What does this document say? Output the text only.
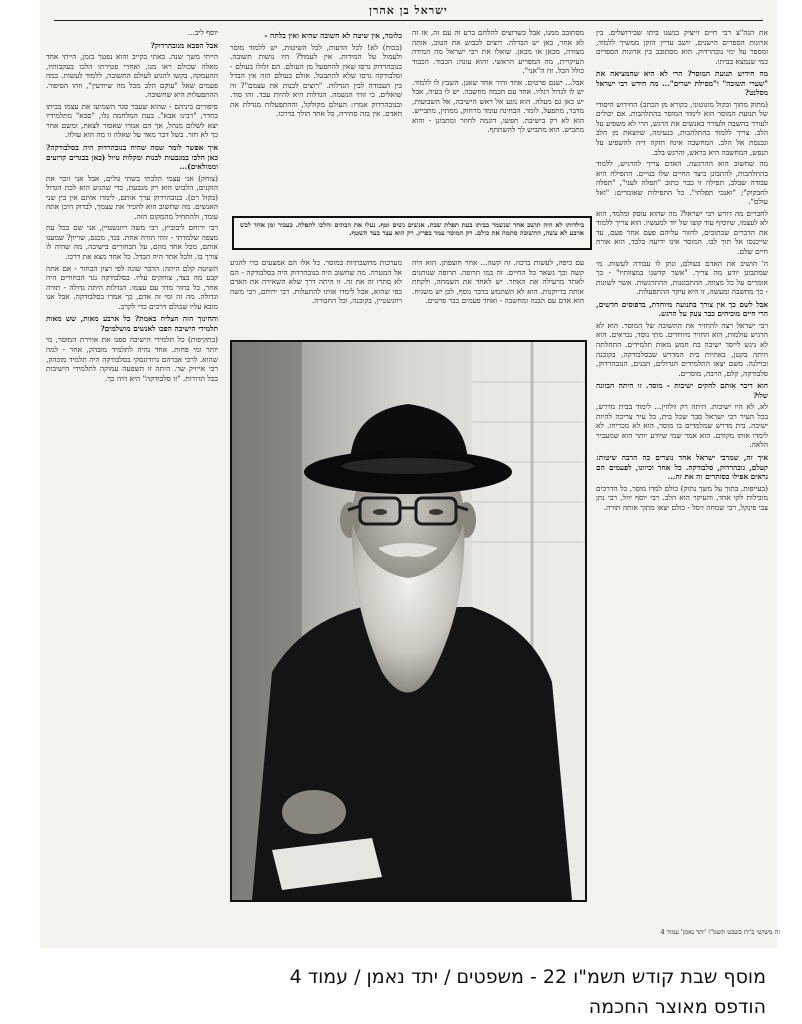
ישראל בן אהרן

את הגה"צ רבי חיים זייציק בגשנו ביתו שבירושלים. בין ארונות הספרים הישנים, יושב עדיין הזקן ממשיך ללמוד, ומספר על ימי נובהרדוק. הוא מסתובב בין ארונות הספרים כמי שנמצא בביתו.

מה חידוש תנועת המוסר? הרי לא היא שהמציאה את "שערי תשובה" ו"מסילת ישרים"... מה חידש רבי ישראל מסלנט?

(מתוק מתוך ובקול מונוטוני, כקורא מן הכתב) החידוש היסודי של תנועת המוסר הוא לימוד המוסר בהתלהבות. אם יכולים לעורר בהשבה ולעורר באנשים את הרגש, הרי לא משפיע על הלב. צריך ללמוד בהתלהבות, בנעימה, שיוצאת מן הלב ונכנסת אל הלב. המחשבה אינה חזקה דיה להשפיע על הנפש, המחשבה היא בראש, והרגש בלב.

מה שחשוב הוא ההרגשה. האדם צריך להרגיש, ללמוד בהתלהבות, להתבונן כיצד החיים שלו בנויים. התפילה היא עבודה שבלב, תפילה זו כבר כתוב "תפלה לעני", "תפלה לחבקוק"; "ואנכי תפלתי". כל התפילות שאומרים: "ואל עולם".

לחברים מה דורש רבי ישראל? מה שהוא עוסק ומלמד, הוא לא לעצמו, שיוסיף עוד קוצו של יוד למעשיו. הוא צריך ללמוד את הדברים שכתובים, לחזור עליהם פעם אחר פעם, עד שייכנסו אל תוך לבו. המוסר אינו ידיעה בלבד, הוא אורח חיים שלם.

ה' הושיב את האדם בעולם, ונתן לו עבודה לעשות. מי שמתבונן יודע מה צריך. "אשר קדשנו במצוותיו" - כך אומרים על כל מצווה. ההתבוננות, ההתרגשות. אשר לשונות - כך מחשבה ומעשה, זו היא עיקר ההתפעלות.

אבל לשם כך אין צורך בתנועה מיוחדת, בדפוסים חדשים, הרי חיים מוכיחים כבר צעק על הרגש.

רבי ישראל רצה להחזיר את התשובה של המוסר. הוא לא הרגיש עולמות, הוא החזיר מיוחדים. מתי נוסד, נבראים. הוא לא ניגש לייסד ישיבה בת חמש מאות תלמידים. התחלתה היתה בקטן, באתיות בית המדרש שבסלבודקה, בקובנה ובוילנה. משם יצאו התלמידים הגדולים, הבנים, הנובהרדוק, סלבודקה, קלם, הרבה, מוסרים.

הוא דיבר אותם להקים ישיבות - מוסד. זו היתה הכוונה שלו?

לא, לא היו ישיבות. היתה רק וולוזין... לימוד בבית מדרש, בכל העיר רבי ישראל סבר שכל בית, כל עיר צריכה להיות ישיבה. בית מדרש שמלמדים בו מוסר, הוא לא מכריחו. לא לימדו אותו מקודם. הוא אמר שמי שיודע יותר הוא שמעביר הלאה.

איך זה, שמרבי ישראל אחד נוצרים כה הרבה שיטות: קעלם, נובהרדוק, סלבודקה. כל אחד וכיוונו, לפעמים הם נראים אפילו כסותרים זה את זה...

(בעייפות, בתוך על משך נתוק) כולם למדו מוסר, כל הדרכים מובילות לקו אחד, והעיקר הוא הלב. רבי יוסף יוזל, רבי נתן צבי פינקל, רבי שמחה זיסל - כולם יצאו מתוך אותה תורה.

מסתובב ממנו, אבל כשרוצים להלחם ברע זה עם זה, אז זה לא אחר, כאן יש הבדלה. רוצים לכבוש את הטוב, אותה מצודה, מכאן או מכאן. שואלו את רבי ישראל מה המידה העיקרית, מה המפריע הראשי. והוא עונה: הכבוד. הכבוד כולל הכל. זה ה"אני".

אבל... ישנם פרטים. אחד זהיר אחד שאנן. השבץ לו ללמוד. יש לו לגדול רגליו. אחד עם חכמה מחשבה. יש לו בעיה, אבל יש כאן גם מעלה. הוא נוגע אל ראש הישיבה, אל השבועות, מדבר, מתפעל, לומד. הבחינה עומד מרחוק, ממתין, מתבייש. הוא לא רק בישיבה. חפשו, דוגמה לחוזר ומתבונן - והוא מתביש. הוא מתביש לך להשתתף.

כלומר, אין שיטה לא חשובה שהיא ואין בלתה -

(בכוח) לא! לכל הדעות, לכל השיטות, יש ללמוד מוסר ולעמול על המידות. אין לעמול? היו נושות תשובה. בנובהרדוק גרסו שאין להתפעל מן העולם. הם זלזלו בעולם - וסלבודקה גרסו שלא להתבטל. אולם בעולם הזה אין הבדל בין העבודה לבין הגדלות. "רוצים לבנות את עצמם"? זה שואלים. כי זוהי הנשמה. הגדלות היא להיות עבד. זהו סוד. ובנובהרדוק אמרו: העולם מקולקל, וההתפעלות מגדלת את האדם. אין בזה סתירה, כל אחד הולך בדרכו.

יוסף ליב...

אבל הסבא מנובהרדוק?

הייתי משך שנה. באתי בקייב והוא נפטר בזמן, הייתי אחד מאלה שכולם ראו מנו, ואחרי פטירתו הלכו בעקבותיו, ההעמקה, בקשו להגיע לעולם התשובה, ללמוד לעשות. כמה פעמים שאל "עוקם הלב מכל מה שיודעין", וזהו הסיפור. ההתפעלות היא שחשובה.

סיפורים ביניהם - שהוא שעבר סגר השמיעו את עצמו בביתו בחדר, "רבינו אבא". בעת המלחמה גלו, "סבא" מתלמידיו יצא לשלום מנהל, אך הם אמרו שאסור לצאת, ומשם אחר כך לא חזר. בשל דבר מאד על שאלה זו מה הוא עולה.

איך אפשר לומר שמה שהיה בנובהרדוק היה בסלבודקה? כאן הלכו במגבעות לבנות ומקלות טיול (כאן בבגדים קרועים וממולאים)...

(צוחק) אני עצמי הלכתי בשתי גולים, אבל אני זוכר את הזקנים, הלבוש הוא רק מגבעת, כדי שהגיע הוא לכת הגדול (בקול רם). בנובהרדוק ערך אותם, לימדו אותם אין בין שני האנשים. מה שחשוב הוא להכיר את עצמך, לבדוק היכן אתה עומד, ולהתחיל מהמקום הזה.

רבי ירוחם ליבוביץ, רבי משה רוזנשטיין, אני שם בכל עת מצפה שלמדתי - זוהי תורה אחת. בגד, מכנס, שריון? שמענו אותם, מכל אחד מהם, על הבחורים בישיבה, מה שהיה לו צורך בו. ולכל אחד היה הבדל. כל אחד מצא את דרכו.

השיטה קלם היתה: הדבר שונה לפי רצון הבחור - אם אתה קבע מה בצד, צוחקים עליו. בסלבודקה נגד הבחורים היה אחר, כל בחור מדד עם עצמו. הגדלות היתה גדולה - תורה וגדולה. מה זה ומי זה אדם, כך אמרו בסלבודקה. אבל אנו מובא עליו שכולם דרכים כדי לקרב.

והחינוך הזה הצליח באמת? כל ארבע מאות, שש מאות תלמידי הישיבה הפכו לאנשים מושלמים?

(בתקיפות) כל תלמידי הישיבה ספגו את אווירת המוסר, מי יותר ומי פחות. אחד נהיה לתלמיד מובהק, אחר - למה שהוא. לרבי אברהם גרודזנסקי בסלבודקה היה תלמיד מובהק, רבי אייזיק שר. היתה זו השפעה עמוקה לתלמידי הישיבות בכל הדורות. "זו סלבודקה" היא היה כך.

בילדותו לא היה תושב אחד שנשמר בביתו בעת תפלת שבת. אנשים נשים וטף. נעלו את הבתים והלכו לתפלה. כעבור זמן אחד לבש ארבע לא עשה, התשובה סתמה את כולם. רק המוסר עמד בפרץ. רק הוא עצר בעד השטף.

עם כיפה, לעשות ברכה. זה קשה... אחר חוצפתן. הוא היה קשה וכך נשאר כל החיים. זה כמו תרופה. תרופה שנותנים לאחד מרעילה את האחר. יש לאחד את השמחה, ולקחת אותה בדיוקנות. הוא לא השתמש בדבר נוסף, לכן יש משגיח. הוא אדם עם הבנה ומחשבה - ואחד פעמים כבר פרטים.

מערכות מחשבתיות במוסר. כל אלו הם אמצעים כדי להגיע אל המטרה. מה שחשוב היה בנובהרדוק היה בסלבודקה - הם לא סתרו זה את זה. זו היתה דרך שלא השאירה את האדם כפי שהוא, אבל לימדו אותו להתעלות. רבי ירוחם, רבי משה רוזנשטיין, בקובנה, וכל החבורה.

זה משישי ב'ית בשבט תשמ"ו 'יתד נאמן' עמוד 4
מוסף שבת קודש תשמ"ו 22 - משפטים / יתד נאמן / עמוד 4
הודפס מאוצר החכמה
